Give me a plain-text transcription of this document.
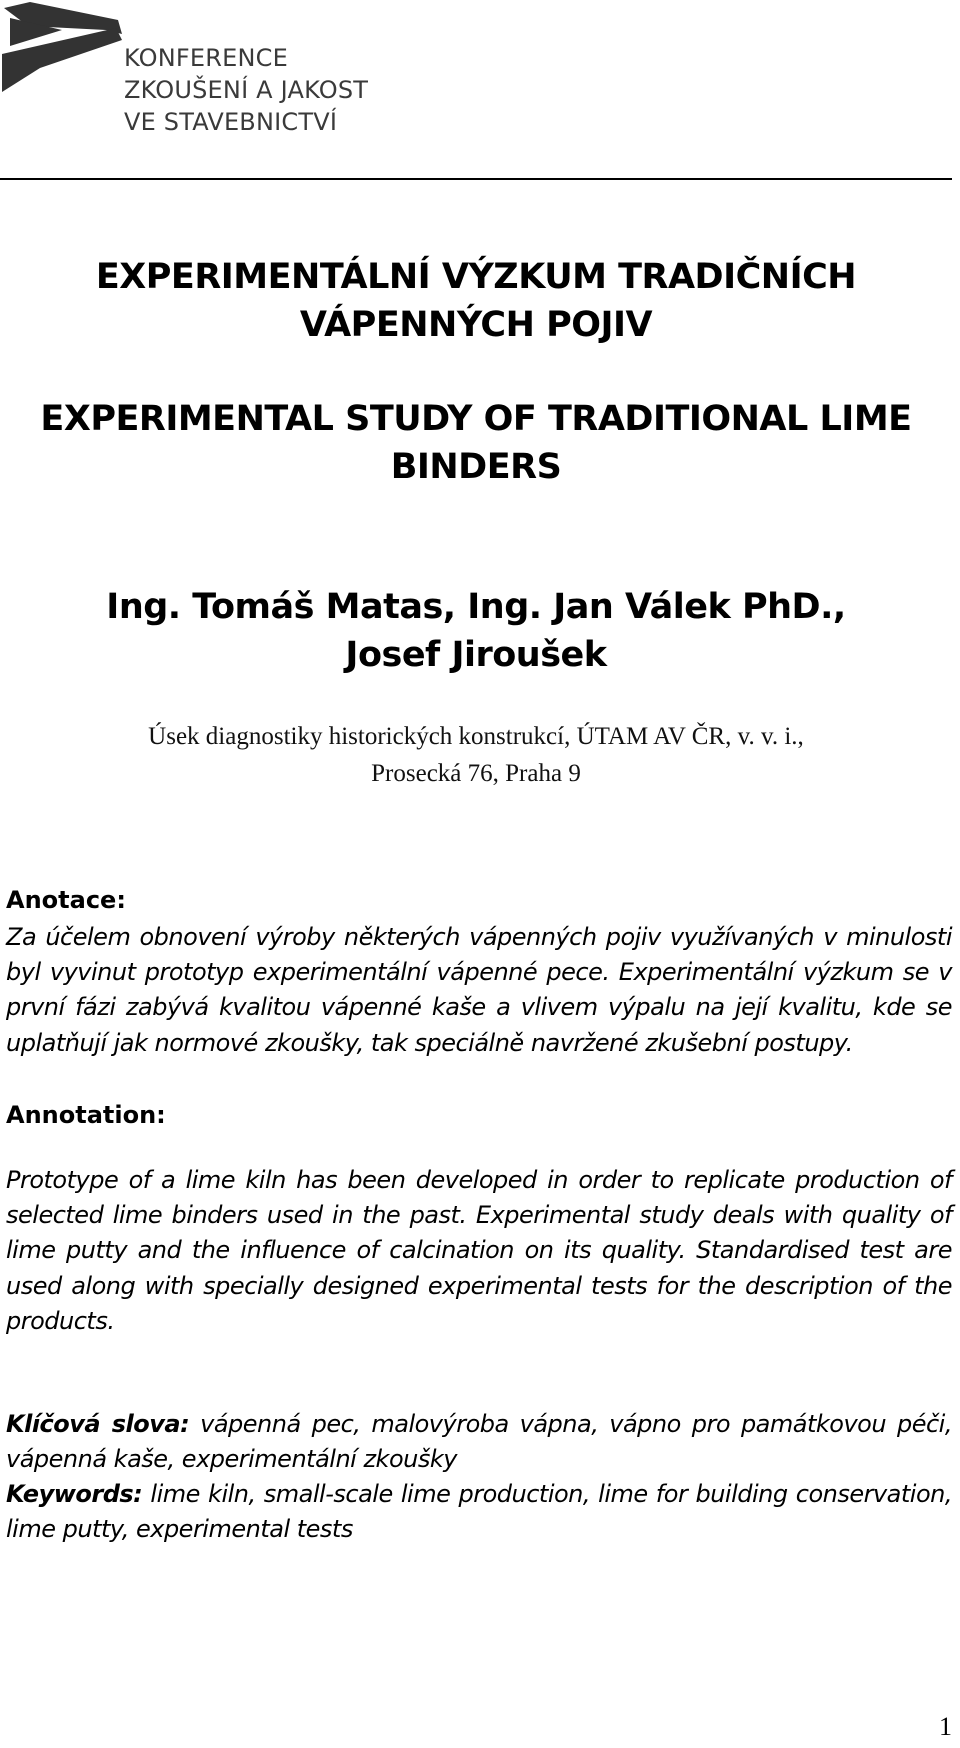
KONFERENCE
ZKOUŠENÍ A JAKOST
VE STAVEBNICTVÍ
EXPERIMENTÁLNÍ VÝZKUM TRADIČNÍCH
VÁPENNÝCH POJIV
EXPERIMENTAL STUDY OF TRADITIONAL LIME
BINDERS
Ing. Tomáš Matas, Ing. Jan Válek PhD.,
Josef Jiroušek
Úsek diagnostiky historických konstrukcí, ÚTAM AV ČR, v. v. i.,
Prosecká 76, Praha 9
Anotace:
Za účelem obnovení výroby některých vápenných pojiv využívaných v minulosti byl vyvinut prototyp experimentální vápenné pece. Experimentální výzkum se v první fázi zabývá kvalitou vápenné kaše a vlivem výpalu na její kvalitu, kde se uplatňují jak normové zkoušky, tak speciálně navržené zkušební postupy.
Annotation:
Prototype of a lime kiln has been developed in order to replicate production of selected lime binders used in the past. Experimental study deals with quality of lime putty and the influence of calcination on its quality. Standardised test are used along with specially designed experimental tests for the description of the products.
Klíčová slova: vápenná pec, malovýroba vápna, vápno pro památkovou péči, vápenná kaše, experimentální zkoušky
Keywords: lime kiln, small-scale lime production, lime for building conservation, lime putty, experimental tests
1
